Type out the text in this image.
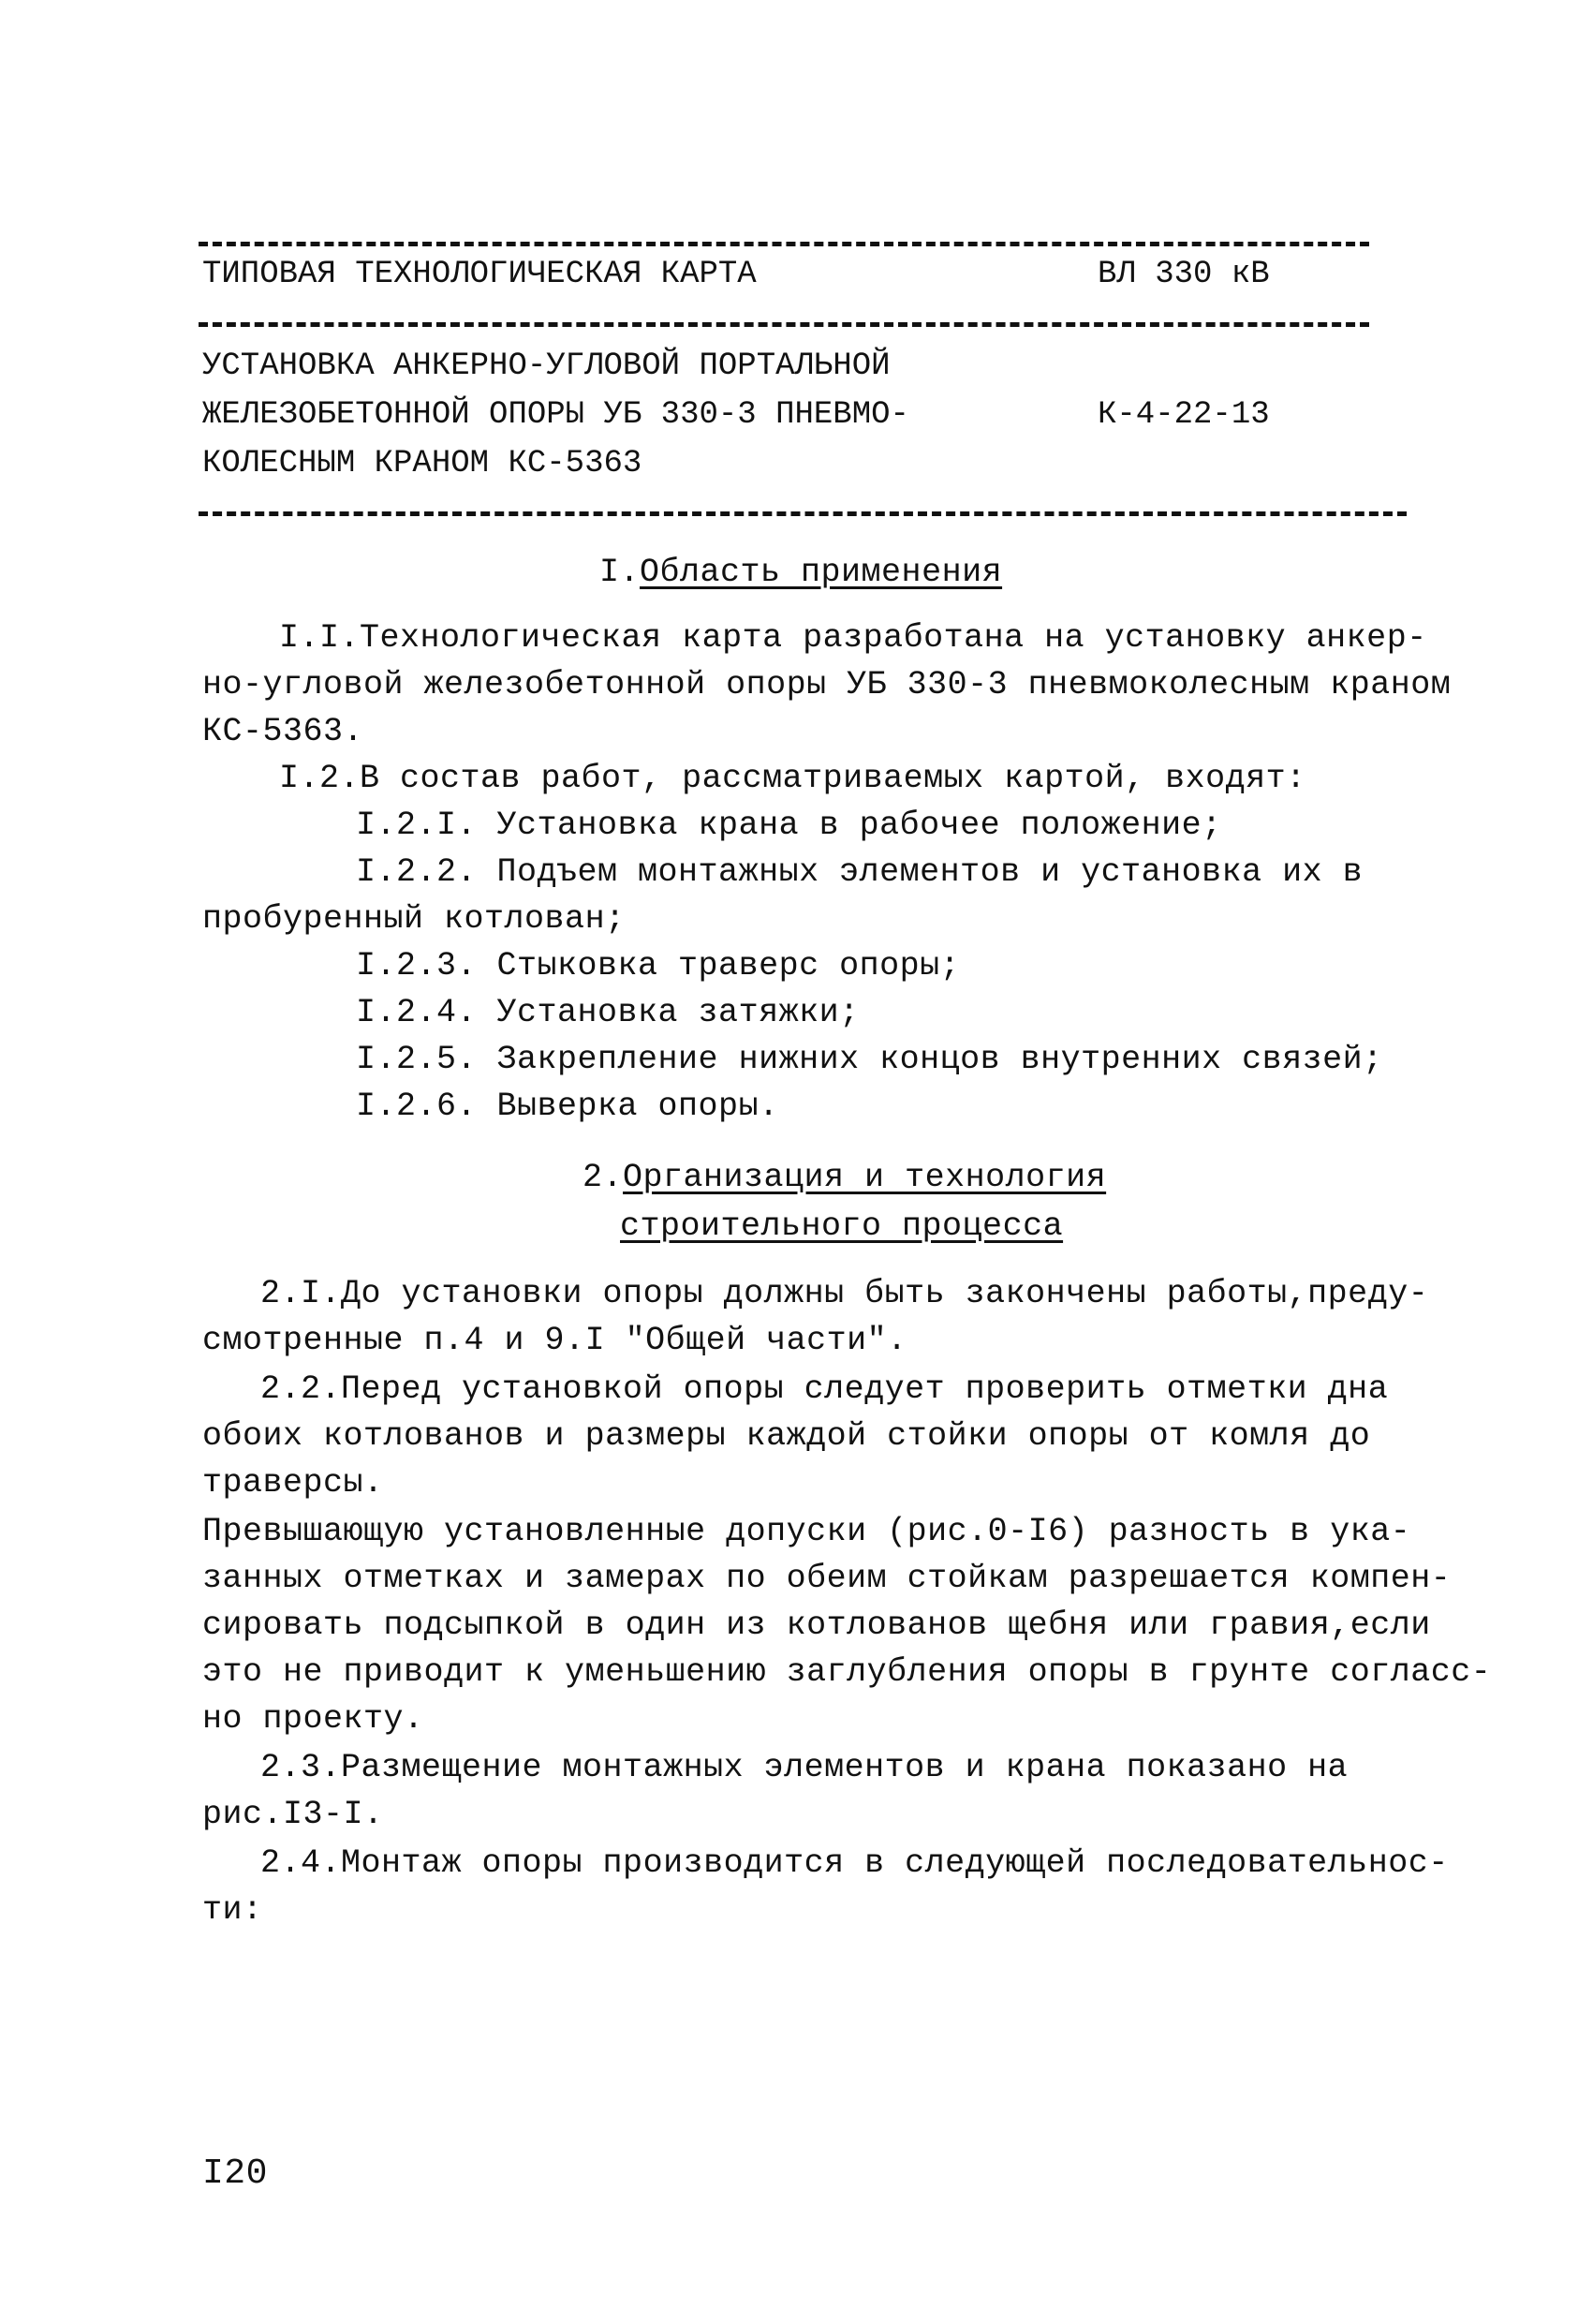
ТИПОВАЯ ТЕХНОЛОГИЧЕСКАЯ КАРТА	ВЛ 330 кВ
УСТАНОВКА АНКЕРНО-УГЛОВОЙ ПОРТАЛЬНОЙ
ЖЕЛЕЗОБЕТОННОЙ ОПОРЫ УБ 330-3 ПНЕВМО-	К-4-22-13
КОЛЕСНЫМ КРАНОМ КС-5363
I.Область применения
I.I.Технологическая карта разработана на установку анкер-
но-угловой железобетонной опоры УБ 330-3 пневмоколесным краном
КС-5363.
I.2.В состав работ, рассматриваемых картой, входят:
I.2.I. Установка крана в рабочее положение;
I.2.2. Подъем монтажных элементов и установка их в
пробуренный котлован;
I.2.3. Стыковка траверс опоры;
I.2.4. Установка затяжки;
I.2.5. Закрепление нижних концов внутренних связей;
I.2.6. Выверка опоры.
2.Организация и технология
строительного процесса
2.I.До установки опоры должны быть закончены работы,преду-
смотренные п.4 и 9.I "Общей части".
2.2.Перед установкой опоры следует проверить отметки дна
обоих котлованов и размеры каждой стойки опоры от комля до
траверсы.
Превышающую установленные допуски (рис.0-I6) разность в ука-
занных отметках и замерах по обеим стойкам разрешается компен-
сировать подсыпкой в один из котлованов щебня или гравия,если
это не приводит к уменьшению заглубления опоры в грунте согласс-
но проекту.
2.3.Размещение монтажных элементов и крана показано на
рис.I3-I.
2.4.Монтаж опоры производится в следующей последовательнос-
ти:
I20
